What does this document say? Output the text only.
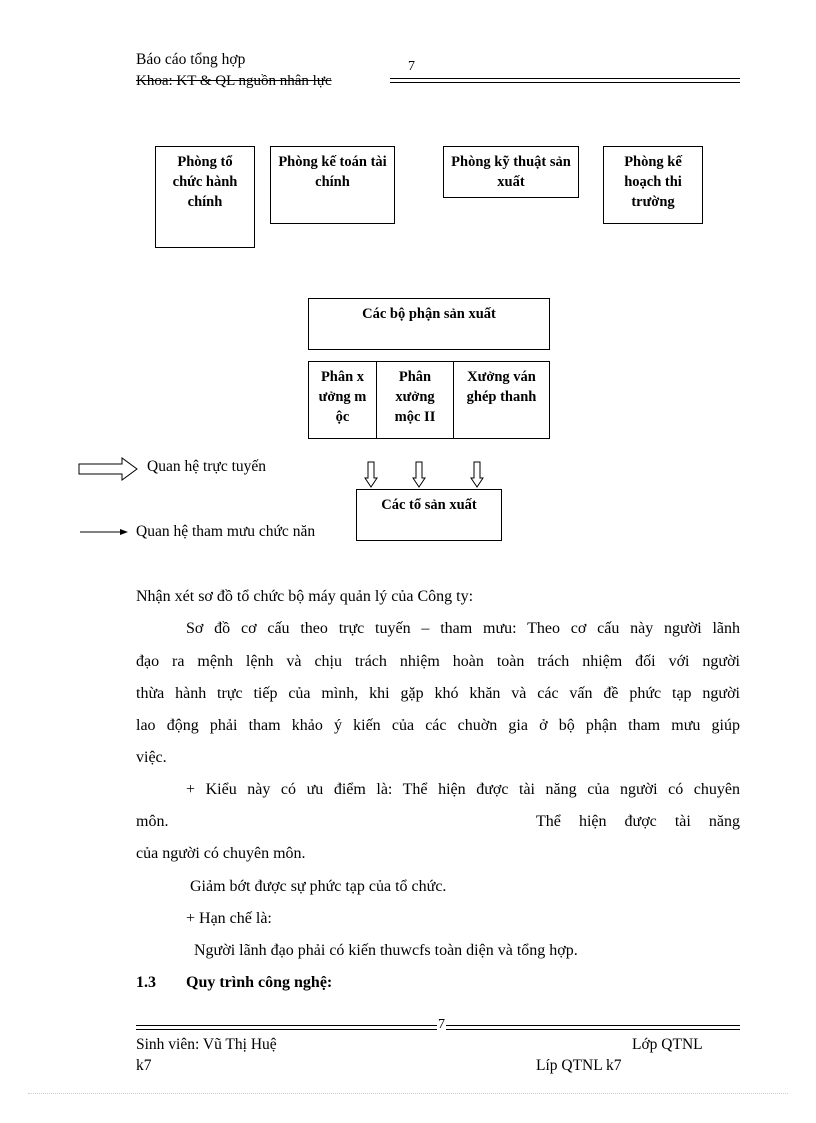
Báo cáo tổng hợp	7
Khoa: KT & QL nguồn nhân lực
Phòng tổ chức hành chính
Phòng kế toán tài chính
Phòng kỹ thuật sản xuất
Phòng kế hoạch thi trường
Các bộ phận sản xuất
Phân xưởng mộc
Phân xưởng mộc II
Xưởng ván ghép thanh
Quan hệ trực tuyến
Quan hệ tham mưu chức năn
Các tổ sản xuất
Nhận xét sơ đồ tổ chức bộ máy quản lý của Công ty:
Sơ đồ cơ cấu theo trực tuyến – tham mưu: Theo cơ cấu này người lãnh
đạo ra mệnh lệnh và chịu trách nhiệm hoàn toàn trách nhiệm đối với người
thừa hành trực tiếp của mình, khi gặp khó khăn và các vấn đề phức tạp người
lao động phải tham khảo ý kiến của các chuờn gia ở bộ phận tham mưu giúp
việc.
+ Kiểu này có ưu điểm là: Thể hiện được tài năng của người có chuyên
môn.	Thể hiện được tài năng
của người có chuyên môn.
Giảm bớt được sự phức tạp của tổ chức.
+ Hạn chế là:
Người lãnh đạo phải có kiến thuwcfs toàn diện và tổng hợp.
1.3 Quy trình công nghệ:
7
Sinh viên: Vũ Thị Huệ	Lớp QTNL
k7	Líp QTNL k7
